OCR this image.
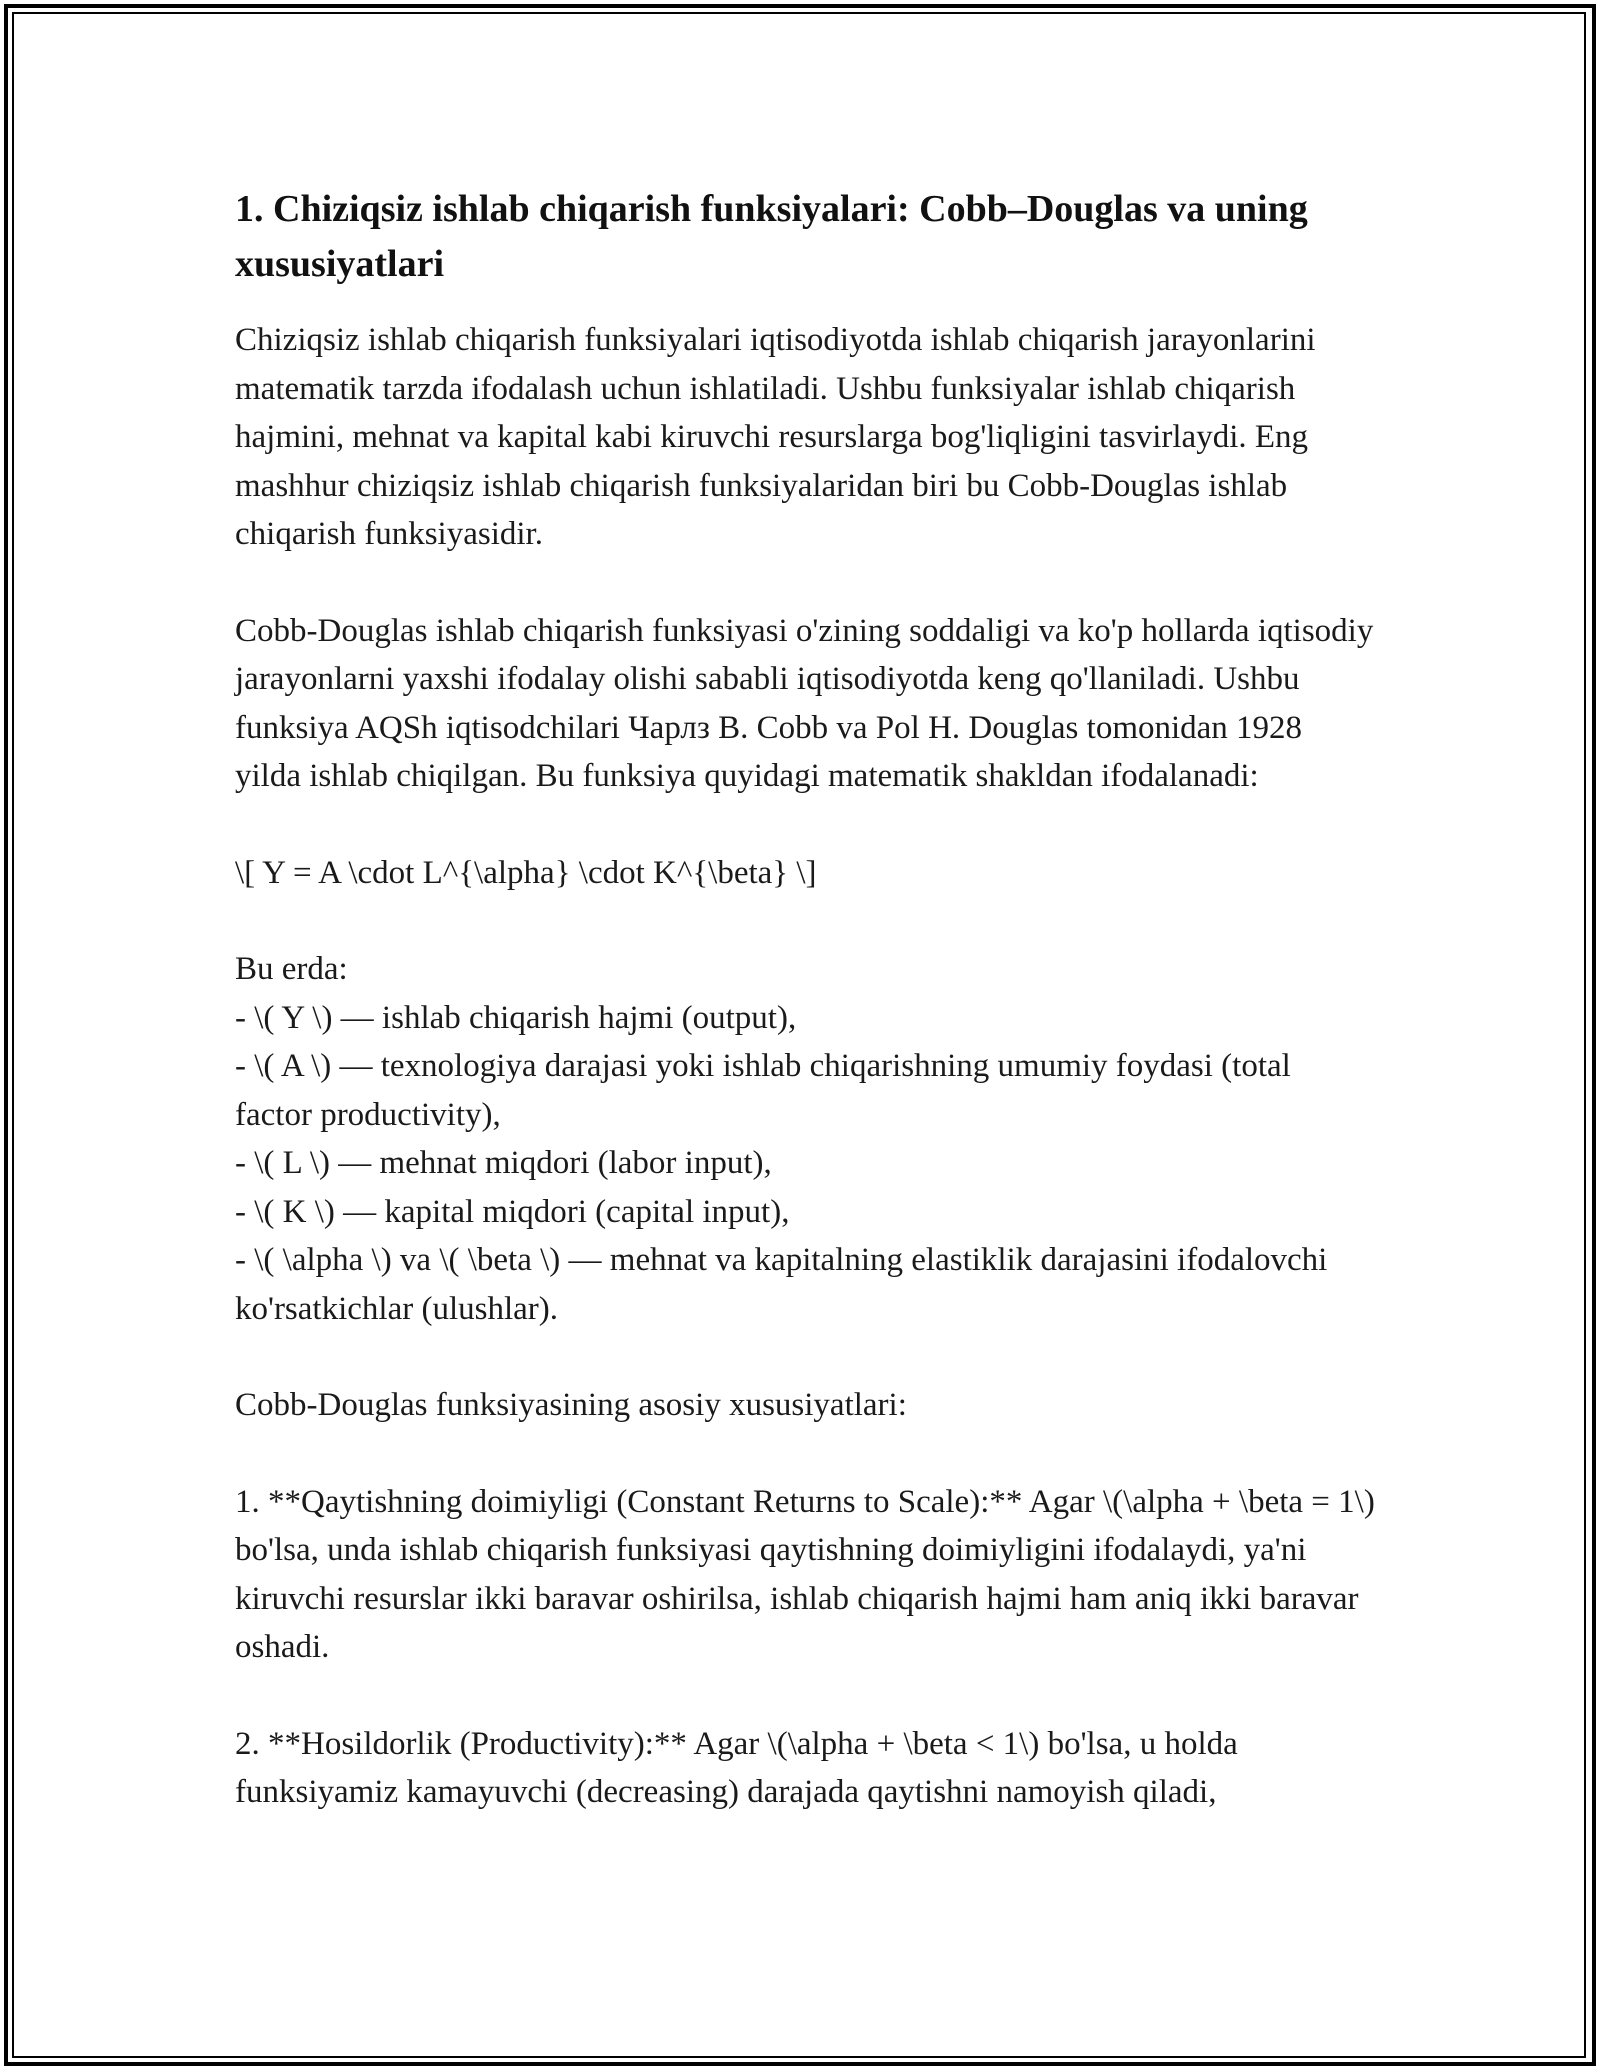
1. Chiziqsiz ishlab chiqarish funksiyalari: Cobb–Douglas va uning xususiyatlari

Chiziqsiz ishlab chiqarish funksiyalari iqtisodiyotda ishlab chiqarish jarayonlarini matematik tarzda ifodalash uchun ishlatiladi. Ushbu funksiyalar ishlab chiqarish hajmini, mehnat va kapital kabi kiruvchi resurslarga bog'liqligini tasvirlaydi. Eng mashhur chiziqsiz ishlab chiqarish funksiyalaridan biri bu Cobb-Douglas ishlab chiqarish funksiyasidir.

Cobb-Douglas ishlab chiqarish funksiyasi o'zining soddaligi va ko'p hollarda iqtisodiy jarayonlarni yaxshi ifodalay olishi sababli iqtisodiyotda keng qo'llaniladi. Ushbu funksiya AQSh iqtisodchilari Чарлз В. Cobb va Pol H. Douglas tomonidan 1928 yilda ishlab chiqilgan. Bu funksiya quyidagi matematik shakldan ifodalanadi:

\[ Y = A \cdot L^{\alpha} \cdot K^{\beta} \]

Bu erda:
- \( Y \) — ishlab chiqarish hajmi (output),
- \( A \) — texnologiya darajasi yoki ishlab chiqarishning umumiy foydasi (total factor productivity),
- \( L \) — mehnat miqdori (labor input),
- \( K \) — kapital miqdori (capital input),
- \( \alpha \) va \( \beta \) — mehnat va kapitalning elastiklik darajasini ifodalovchi ko'rsatkichlar (ulushlar).

Cobb-Douglas funksiyasining asosiy xususiyatlari:

1. **Qaytishning doimiyligi (Constant Returns to Scale):** Agar \(\alpha + \beta = 1\) bo'lsa, unda ishlab chiqarish funksiyasi qaytishning doimiyligini ifodalaydi, ya'ni kiruvchi resurslar ikki baravar oshirilsa, ishlab chiqarish hajmi ham aniq ikki baravar oshadi.

2. **Hosildorlik (Productivity):** Agar \(\alpha + \beta < 1\) bo'lsa, u holda funksiyamiz kamayuvchi (decreasing) darajada qaytishni namoyish qiladi,
